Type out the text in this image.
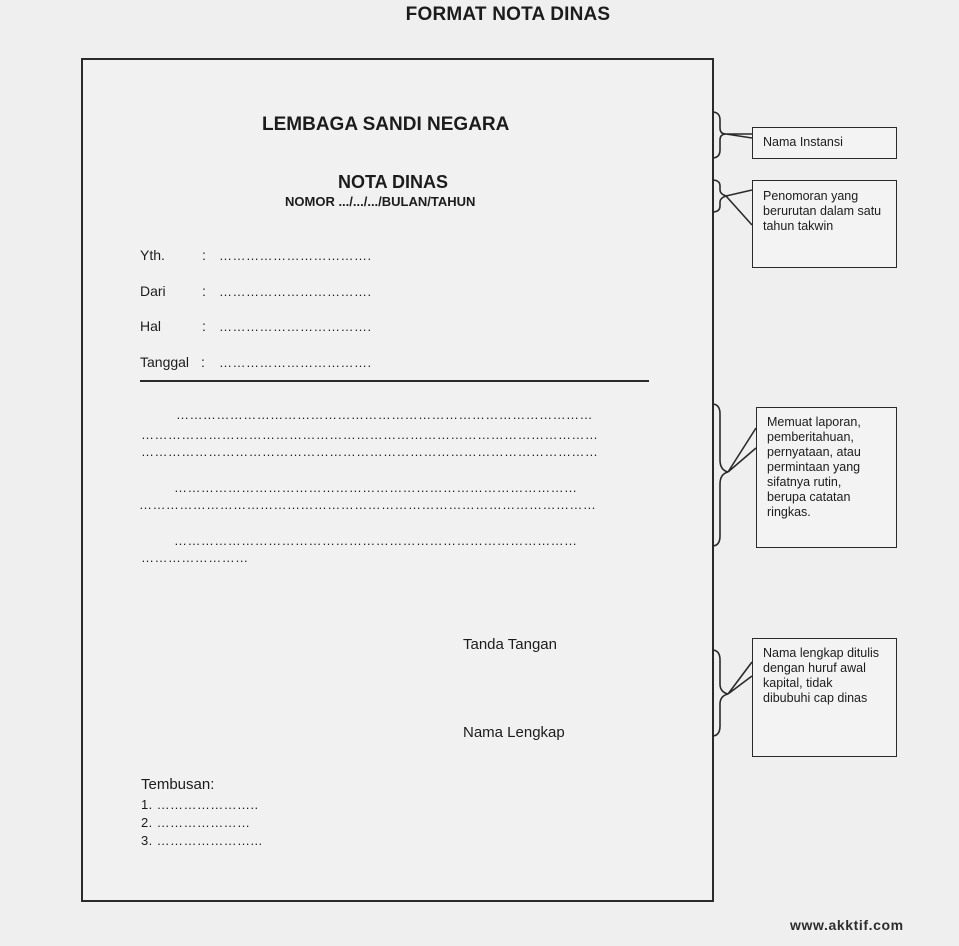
FORMAT NOTA DINAS
LEMBAGA SANDI NEGARA
NOTA DINAS
NOMOR .../.../.../BULAN/TAHUN
Yth.	: …………………………….
Dari	: …………………………….
Hal	: …………………………….
Tanggal : …………………………….
…………………………………………………………………………………
…………………………………………………………………………………………
…………………………………………………………………………………………
………………………………………………………………………………
…………………………………………………………………………………………
………………………………………………………………………………
……………………
Tanda Tangan
Nama Lengkap
Tembusan:
1. …………………..
2. …………………
3. …………………...
Nama Instansi
Penomoran yang berurutan dalam satu tahun takwin
Memuat laporan, pemberitahuan, pernyataan, atau permintaan yang sifatnya rutin, berupa catatan ringkas.
Nama lengkap ditulis dengan huruf awal kapital, tidak dibubuhi cap dinas
www.akktif.com
